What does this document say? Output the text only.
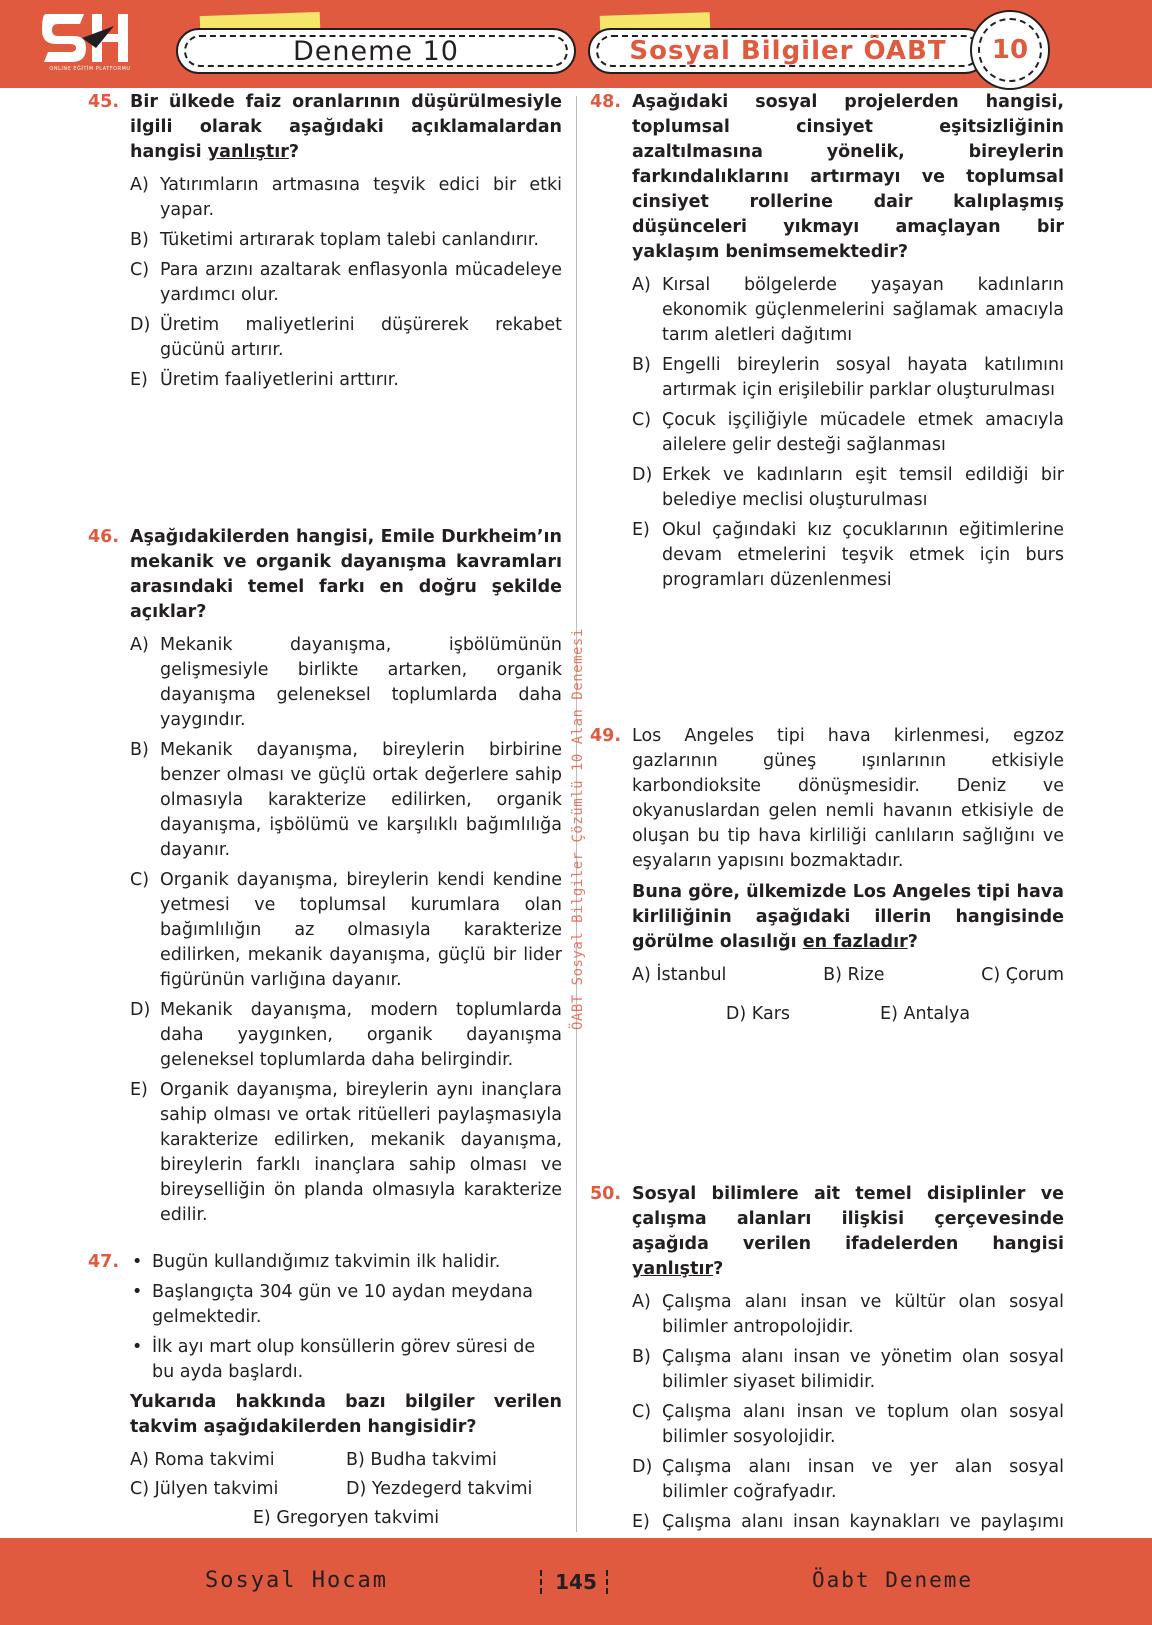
ONLINE EĞİTİM PLATFORMU
Deneme 10	Sosyal Bilgiler ÖABT 10
ÖABT Sosyal Bilgiler Çözümlü 10 Alan Denemesi
45. Bir ülkede faiz oranlarının düşürülmesiyle ilgili olarak aşağıdaki açıklamalardan hangisi yanlıştır?
A) Yatırımların artmasına teşvik edici bir etki yapar.
B) Tüketimi artırarak toplam talebi canlandırır.
C) Para arzını azaltarak enflasyonla mücadeleye yardımcı olur.
D) Üretim maliyetlerini düşürerek rekabet gücünü artırır.
E) Üretim faaliyetlerini arttırır.
46. Aşağıdakilerden hangisi, Emile Durkheim’ın mekanik ve organik dayanışma kavramları arasındaki temel farkı en doğru şekilde açıklar?
A) Mekanik dayanışma, işbölümünün gelişmesiyle birlikte artarken, organik dayanışma geleneksel toplumlarda daha yaygındır.
B) Mekanik dayanışma, bireylerin birbirine benzer olması ve güçlü ortak değerlere sahip olmasıyla karakterize edilirken, organik dayanışma, işbölümü ve karşılıklı bağımlılığa dayanır.
C) Organik dayanışma, bireylerin kendi kendine yetmesi ve toplumsal kurumlara olan bağımlılığın az olmasıyla karakterize edilirken, mekanik dayanışma, güçlü bir lider figürünün varlığına dayanır.
D) Mekanik dayanışma, modern toplumlarda daha yaygınken, organik dayanışma geleneksel toplumlarda daha belirgindir.
E) Organik dayanışma, bireylerin aynı inançlara sahip olması ve ortak ritüelleri paylaşmasıyla karakterize edilirken, mekanik dayanışma, bireylerin farklı inançlara sahip olması ve bireyselliğin ön planda olmasıyla karakterize edilir.
47.
•	Bugün kullandığımız takvimin ilk halidir.
• Başlangıçta 304 gün ve 10 aydan meydana gelmektedir.
• İlk ayı mart olup konsüllerin görev süresi de bu ayda başlardı.
Yukarıda hakkında bazı bilgiler verilen takvim aşağıdakilerden hangisidir?
A) Roma takvimi	B) Budha takvimi
C) Jülyen takvimi	D) Yezdegerd takvimi
E) Gregoryen takvimi
48. Aşağıdaki sosyal projelerden hangisi, toplumsal cinsiyet eşitsizliğinin azaltılmasına yönelik, bireylerin farkındalıklarını artırmayı ve toplumsal cinsiyet rollerine dair kalıplaşmış düşünceleri yıkmayı amaçlayan bir yaklaşım benimsemektedir?
A) Kırsal bölgelerde yaşayan kadınların ekonomik güçlenmelerini sağlamak amacıyla tarım aletleri dağıtımı
B) Engelli bireylerin sosyal hayata katılımını artırmak için erişilebilir parklar oluşturulması
C) Çocuk işçiliğiyle mücadele etmek amacıyla ailelere gelir desteği sağlanması
D) Erkek ve kadınların eşit temsil edildiği bir belediye meclisi oluşturulması
E) Okul çağındaki kız çocuklarının eğitimlerine devam etmelerini teşvik etmek için burs programları düzenlenmesi
49. Los Angeles tipi hava kirlenmesi, egzoz gazlarının güneş ışınlarının etkisiyle karbondioksite dönüşmesidir. Deniz ve okyanuslardan gelen nemli havanın etkisiyle de oluşan bu tip hava kirliliği canlıların sağlığını ve eşyaların yapısını bozmaktadır.
Buna göre, ülkemizde Los Angeles tipi hava kirliliğinin aşağıdaki illerin hangisinde görülme olasılığı en fazladır?
A) İstanbul	B) Rize	C) Çorum
D) Kars	E) Antalya
50. Sosyal bilimlere ait temel disiplinler ve çalışma alanları ilişkisi çerçevesinde aşağıda verilen ifadelerden hangisi yanlıştır?
A) Çalışma alanı insan ve kültür olan sosyal bilimler antropolojidir.
B) Çalışma alanı insan ve yönetim olan sosyal bilimler siyaset bilimidir.
C) Çalışma alanı insan ve toplum olan sosyal bilimler sosyolojidir.
D) Çalışma alanı insan ve yer alan sosyal bilimler coğrafyadır.
E) Çalışma alanı insan kaynakları ve paylaşımı
Sosyal Hocam	145	Öabt Deneme
